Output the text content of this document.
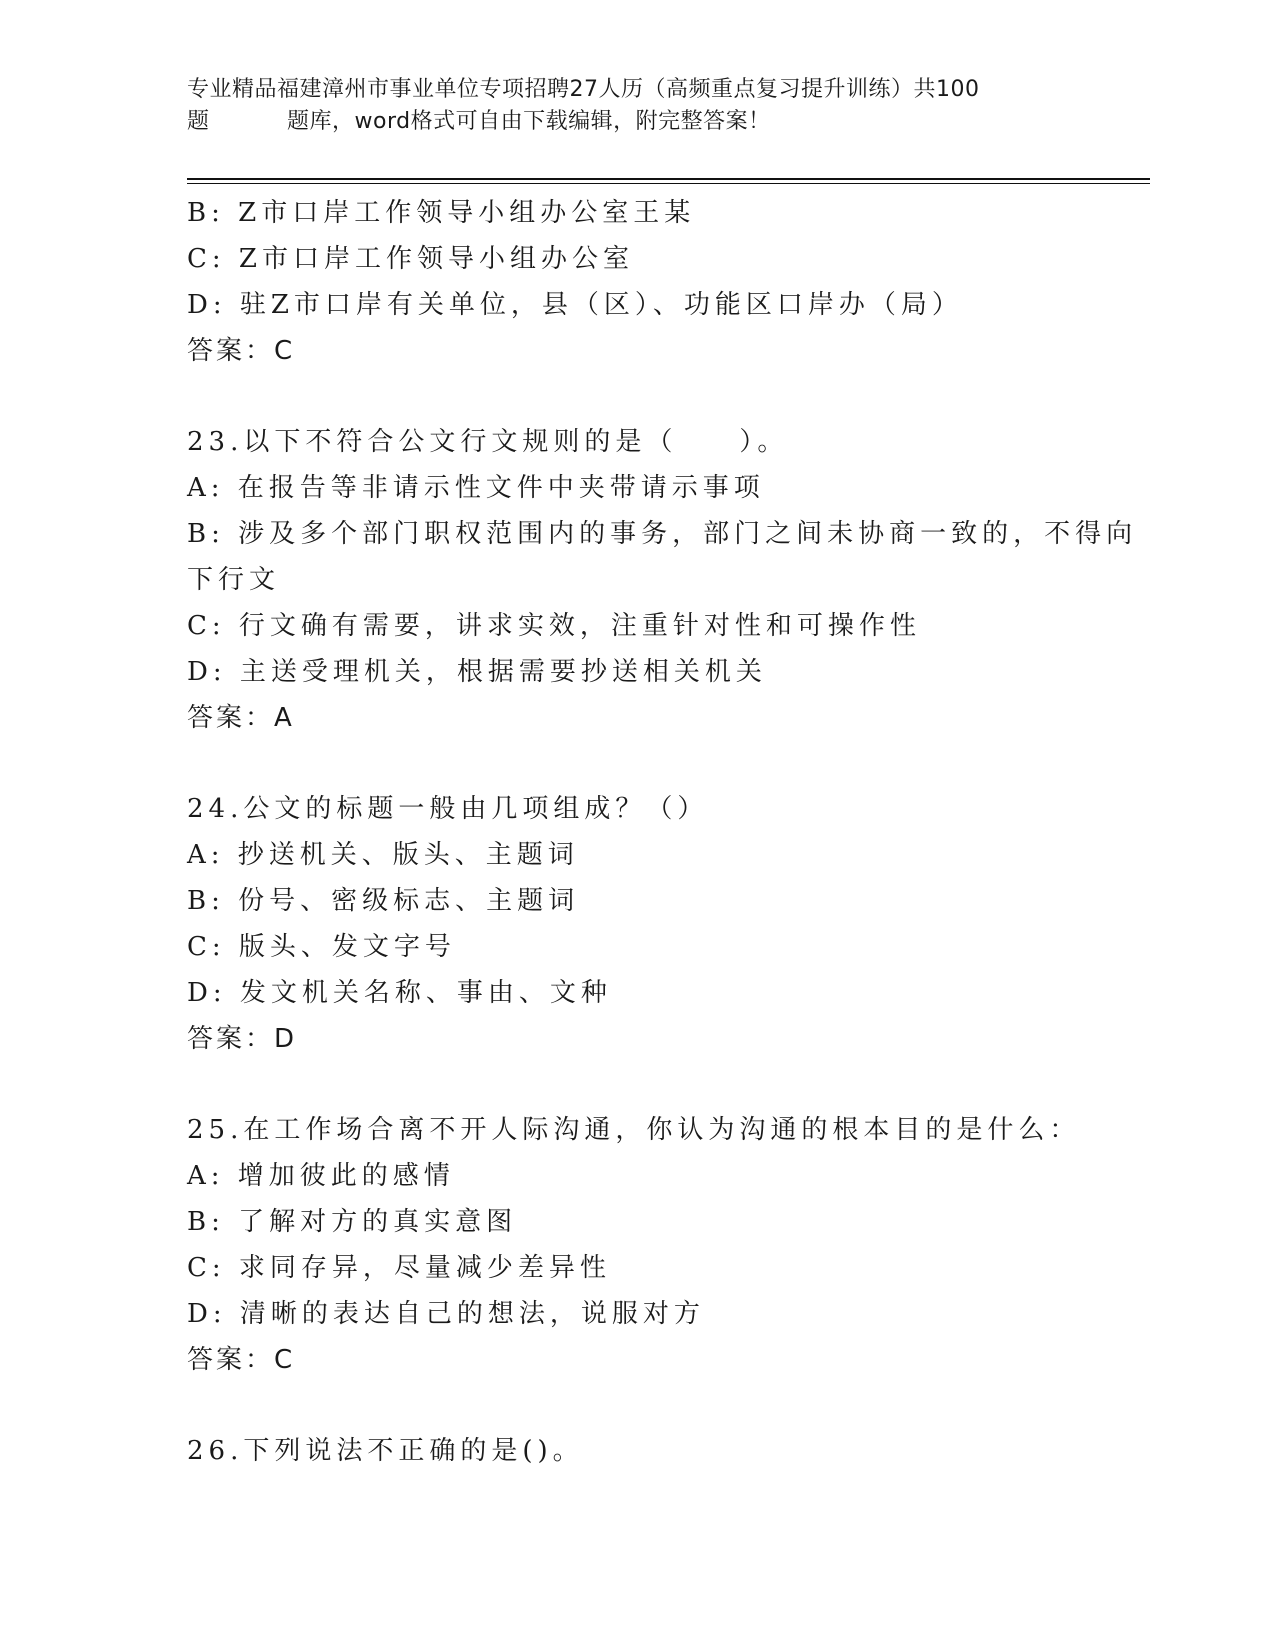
专业精品福建漳州市事业单位专项招聘27人历（高频重点复习提升训练）共100
题	题库，word格式可自由下载编辑，附完整答案！
B: Z市口岸工作领导小组办公室王某
C: Z市口岸工作领导小组办公室
D: 驻Z市口岸有关单位，县（区）、功能区口岸办（局）
答案：C
23.以下不符合公文行文规则的是（　　）。
A: 在报告等非请示性文件中夹带请示事项
B: 涉及多个部门职权范围内的事务，部门之间未协商一致的，不得向
下行文
C: 行文确有需要，讲求实效，注重针对性和可操作性
D: 主送受理机关，根据需要抄送相关机关
答案：A
24.公文的标题一般由几项组成？（）
A: 抄送机关、版头、主题词
B: 份号、密级标志、主题词
C: 版头、发文字号
D: 发文机关名称、事由、文种
答案：D
25.在工作场合离不开人际沟通，你认为沟通的根本目的是什么：
A: 增加彼此的感情
B: 了解对方的真实意图
C: 求同存异，尽量减少差异性
D: 清晰的表达自己的想法，说服对方
答案：C
26.下列说法不正确的是()。
